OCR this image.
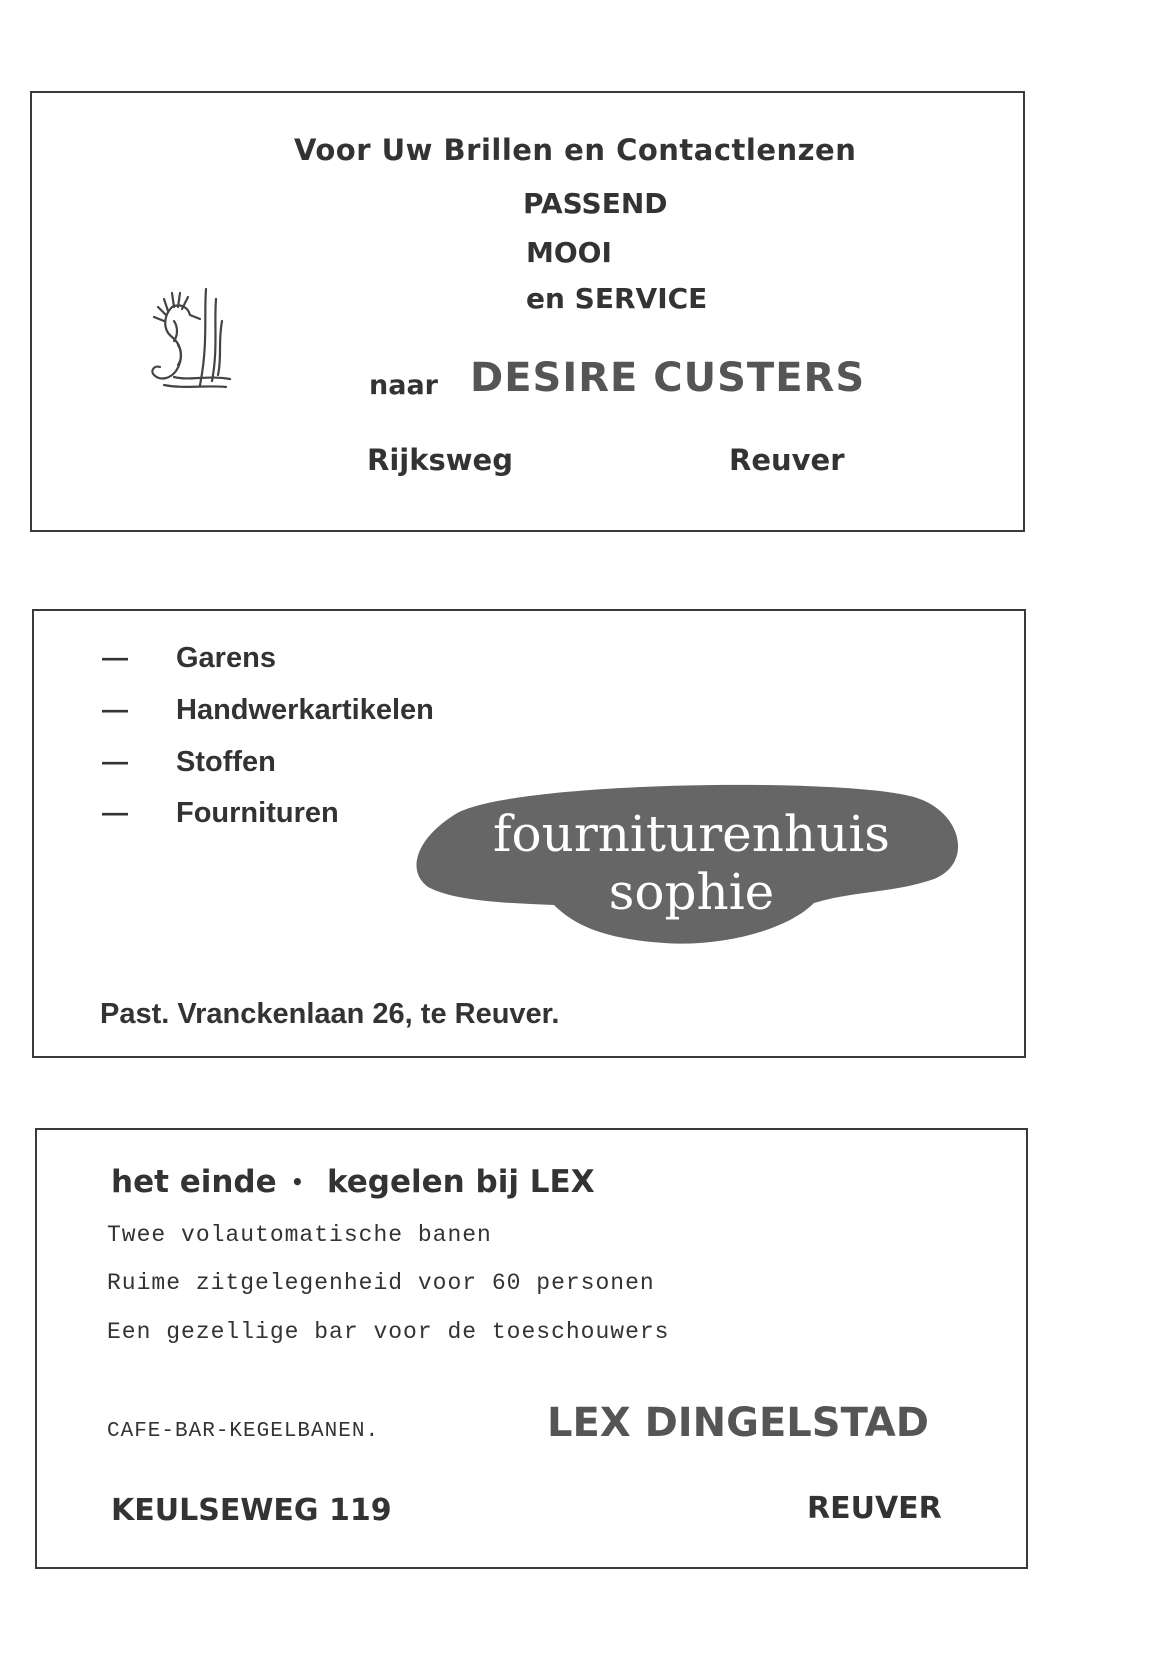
Voor Uw Brillen en Contactlenzen
PASSEND
MOOI
en SERVICE
naar DESIRE CUSTERS
Rijksweg	Reuver
— Garens
— Handwerkartikelen
— Stoffen
— Fournituren	fourniturenhuis
sophie
Past. Vranckenlaan 26, te Reuver.
het einde • kegelen bij LEX
Twee volautomatische banen
Ruime zitgelegenheid voor 60 personen
Een gezellige bar voor de toeschouwers
CAFE-BAR-KEGELBANEN.	LEX DINGELSTAD
KEULSEWEG 119	REUVER
